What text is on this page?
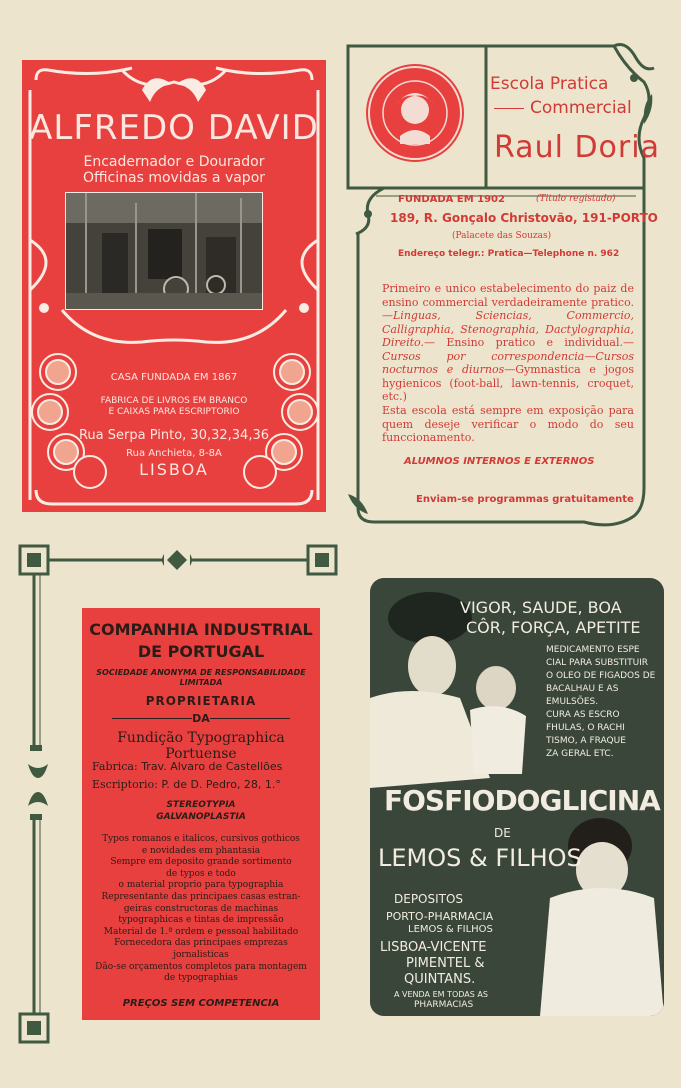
ALFREDO DAVID
Encadernador e Dourador
Officinas movidas a vapor
CASA FUNDADA EM 1867
FABRICA DE LIVROS EM BRANCO
E CAIXAS PARA ESCRIPTORIO
Rua Serpa Pinto, 30,32,34,36
Rua Anchieta, 8-8A
LISBOA
Escola Pratica
Commercial
Raul Doria
FUNDADA EM 1902	(Titulo registado)
189, R. Gonçalo Christovão, 191-PORTO
(Palacete das Souzas)
Endereço telegr.: Pratica—Telephone n. 962
Primeiro e unico estabelecimento do paiz de ensino commercial verdadeiramente pratico.—Linguas, Sciencias, Commercio, Calligraphia, Stenographia, Dactylographia, Direito.— Ensino pratico e individual.—Cursos por correspondencia—Cursos nocturnos e diurnos—Gymnastica e jogos hygienicos (foot-ball, lawn-tennis, croquet, etc.)
Esta escola está sempre em exposição para quem deseje verificar o modo do seu funccionamento.
ALUMNOS INTERNOS E EXTERNOS
Enviam-se programmas gratuitamente
COMPANHIA INDUSTRIAL
DE PORTUGAL
SOCIEDADE ANONYMA DE RESPONSABILIDADE
LIMITADA
PROPRIETARIA
DA
Fundição Typographica Portuense
Fabrica: Trav. Alvaro de Castellões
Escriptorio: P. de D. Pedro, 28, 1.°
STEREOTYPIA
GALVANOPLASTIA
Typos romanos e italicos, cursivos gothicos
e novidades em phantasia
Sempre em deposito grande sortimento
de typos e todo
o material proprio para typographia
Representante das principaes casas estran-
geiras constructoras de machinas
typographicas e tintas de impressão
Material de 1.ª ordem e pessoal habilitado
Fornecedora das principaes emprezas
jornalisticas
Dão-se orçamentos completos para montagem
de typographias
PREÇOS SEM COMPETENCIA
VIGOR, SAUDE, BOA
CÔR, FORÇA, APETITE
MEDICAMENTO ESPE
CIAL PARA SUBSTITUIR
O OLEO DE FIGADOS DE
BACALHAU E AS
EMULSÕES.
CURA AS ESCRO
FHULAS, O RACHI
TISMO, A FRAQUE
ZA GERAL ETC.
FOSFIODOGLICINA
DE
LEMOS & FILHOS
DEPOSITOS
PORTO-PHARMACIA
LEMOS & FILHOS
LISBOA-VICENTE
PIMENTEL &
QUINTANS.
A VENDA EM TODAS AS
PHARMACIAS
